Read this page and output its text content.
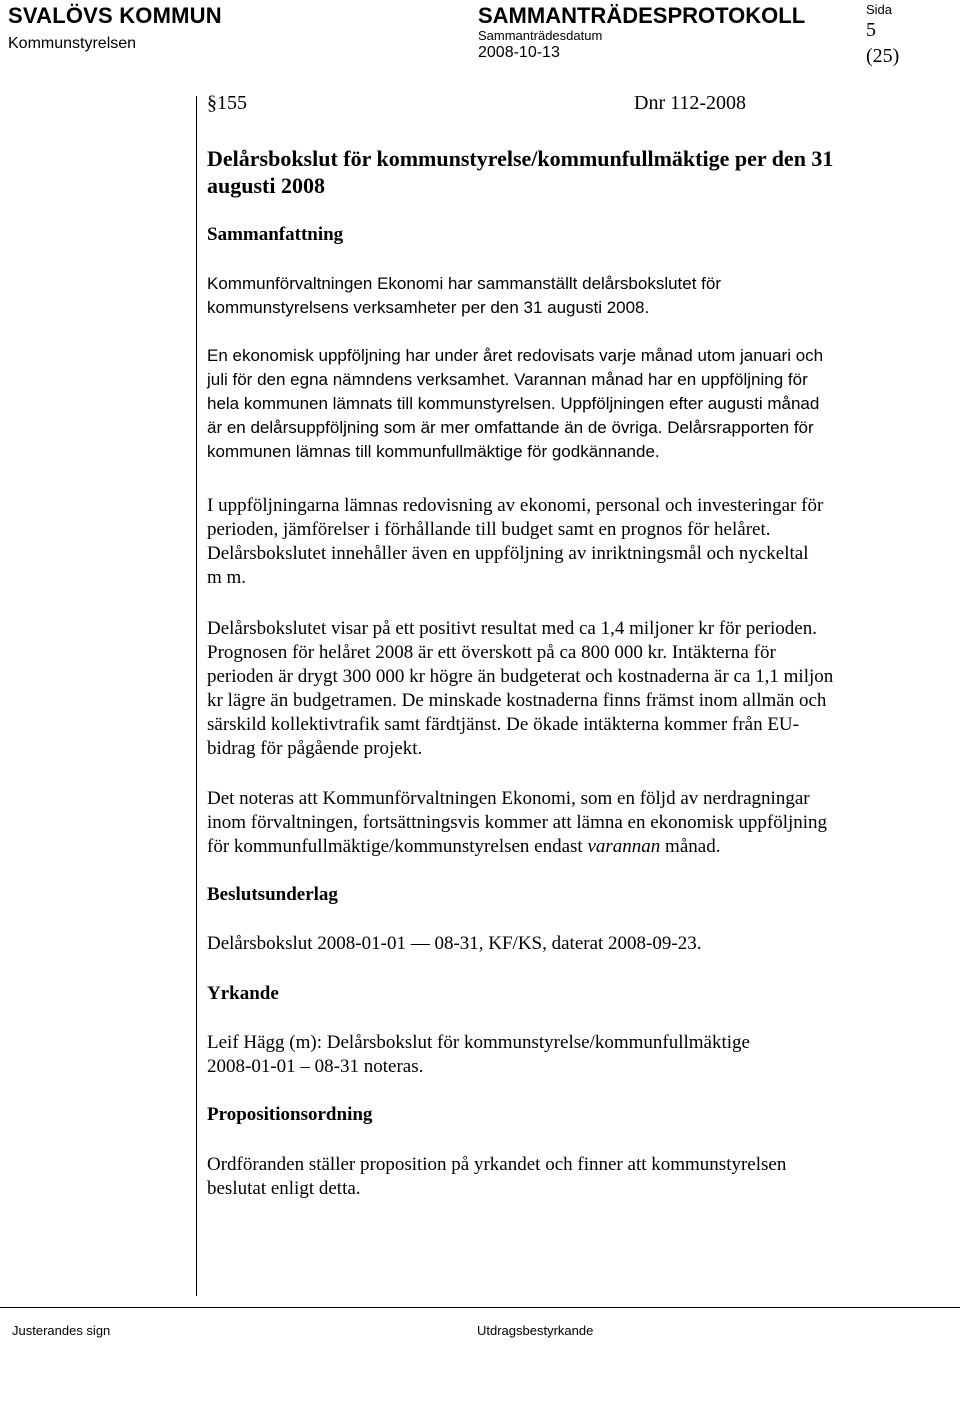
SVALÖVS KOMMUN
Kommunstyrelsen
SAMMANTRÄDESPROTOKOLL
Sammanträdesdatum
2008-10-13
Sida
5
(25)
§155	Dnr 112-2008
Delårsbokslut för kommunstyrelse/kommunfullmäktige per den 31 augusti 2008
Sammanfattning
Kommunförvaltningen Ekonomi har sammanställt delårsbokslutet för
kommunstyrelsens verksamheter per den 31 augusti 2008.
En ekonomisk uppföljning har under året redovisats varje månad utom januari och
juli för den egna nämndens verksamhet. Varannan månad har en uppföljning för
hela kommunen lämnats till kommunstyrelsen. Uppföljningen efter augusti månad
är en delårsuppföljning som är mer omfattande än de övriga. Delårsrapporten för
kommunen lämnas till kommunfullmäktige för godkännande.
I uppföljningarna lämnas redovisning av ekonomi, personal och investeringar för
perioden, jämförelser i förhållande till budget samt en prognos för helåret.
Delårsbokslutet innehåller även en uppföljning av inriktningsmål och nyckeltal
m m.
Delårsbokslutet visar på ett positivt resultat med ca 1,4 miljoner kr för perioden.
Prognosen för helåret 2008 är ett överskott på ca 800 000 kr. Intäkterna för
perioden är drygt 300 000 kr högre än budgeterat och kostnaderna är ca 1,1 miljon
kr lägre än budgetramen. De minskade kostnaderna finns främst inom allmän och
särskild kollektivtrafik samt färdtjänst. De ökade intäkterna kommer från EU-
bidrag för pågående projekt.
Det noteras att Kommunförvaltningen Ekonomi, som en följd av nerdragningar
inom förvaltningen, fortsättningsvis kommer att lämna en ekonomisk uppföljning
för kommunfullmäktige/kommunstyrelsen endast varannan månad.
Beslutsunderlag
Delårsbokslut 2008-01-01 — 08-31, KF/KS, daterat 2008-09-23.
Yrkande
Leif Hägg (m): Delårsbokslut för kommunstyrelse/kommunfullmäktige
2008-01-01 – 08-31 noteras.
Propositionsordning
Ordföranden ställer proposition på yrkandet och finner att kommunstyrelsen
beslutat enligt detta.
Justerandes sign	Utdragsbestyrkande
